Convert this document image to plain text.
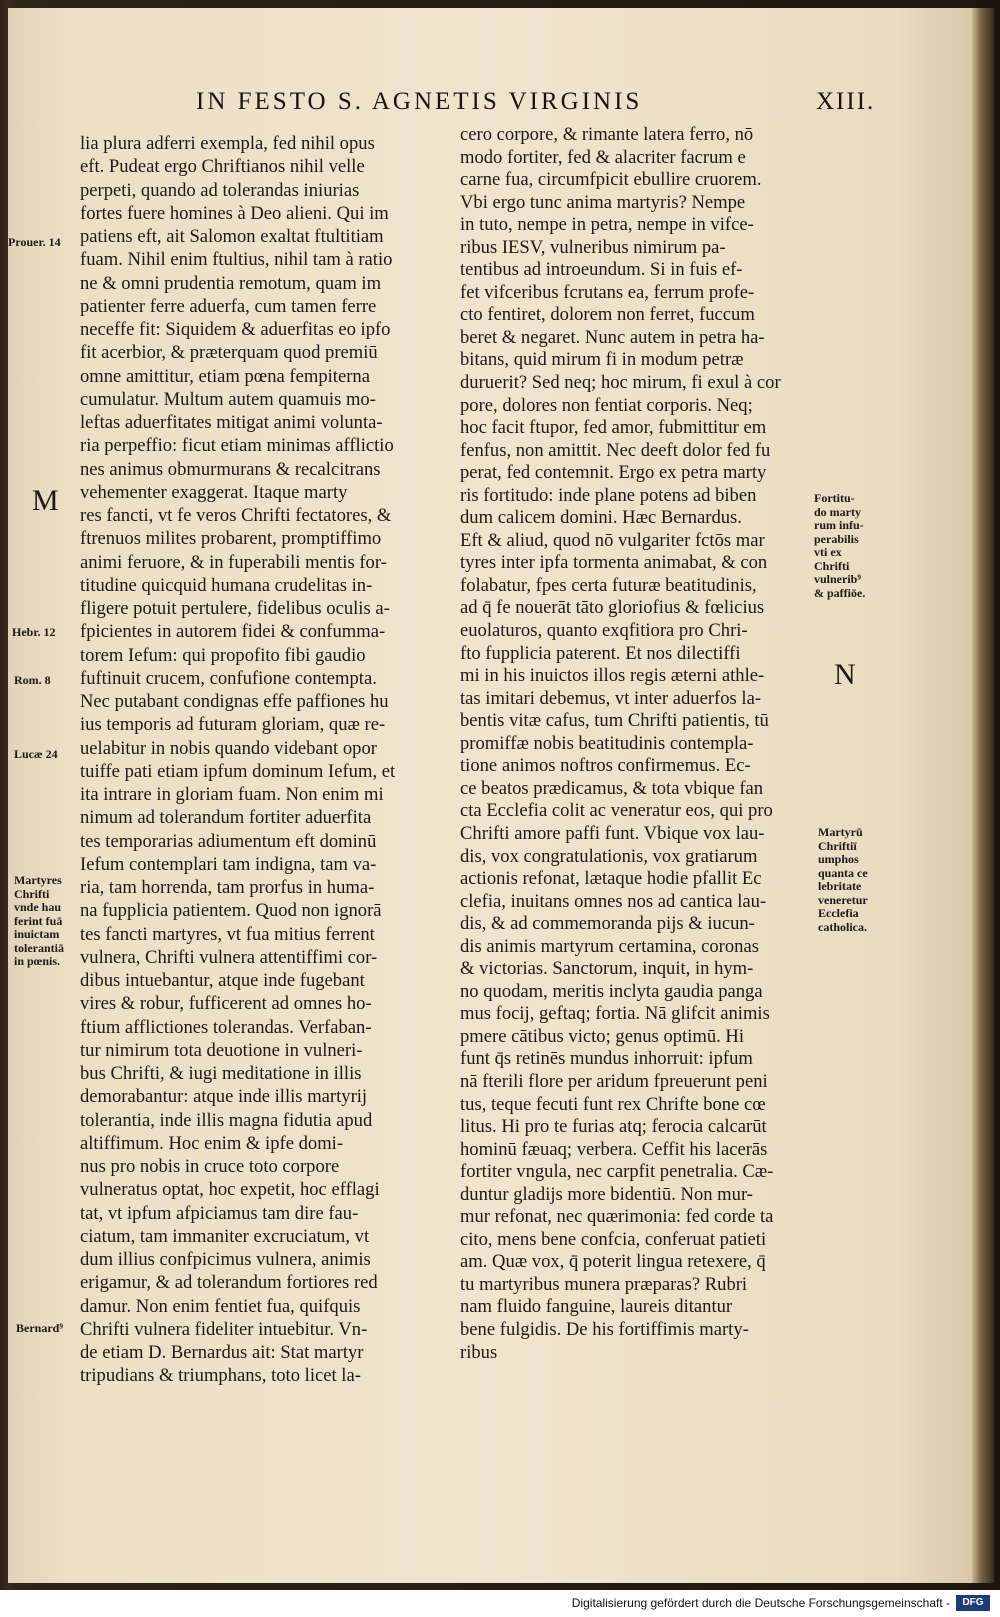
IN FESTO S. AGNETIS VIRGINIS	XIII.

lia plura adferri exempla, fed nihil opus

eft. Pudeat ergo Chriftianos nihil velle

perpeti, quando ad tolerandas iniurias

fortes fuere homines à Deo alieni. Qui im

patiens eft, ait Salomon exaltat ftultitiam

fuam. Nihil enim ftultius, nihil tam à ratio

ne & omni prudentia remotum, quam im

patienter ferre aduerfa, cum tamen ferre

neceffe fit: Siquidem & aduerfitas eo ipfo

fit acerbior, & præterquam quod premiū

omne amittitur, etiam pœna fempiterna

cumulatur. Multum autem quamuis mo-

leftas aduerfitates mitigat animi volunta-

ria perpeffio: ficut etiam minimas afflictio

nes animus obmurmurans & recalcitrans

vehementer exaggerat. Itaque marty

res fancti, vt fe veros Chrifti fectatores, &

ftrenuos milites probarent, promptiffimo

animi feruore, & in fuperabili mentis for-

titudine quicquid humana crudelitas in-

fligere potuit pertulere, fidelibus oculis a-

fpicientes in autorem fidei & confumma-

torem Iefum: qui propofito fibi gaudio

fuftinuit crucem, confufione contempta.

Nec putabant condignas effe paffiones hu

ius temporis ad futuram gloriam, quæ re-

uelabitur in nobis quando videbant opor

tuiffe pati etiam ipfum dominum Iefum, et

ita intrare in gloriam fuam. Non enim mi

nimum ad tolerandum fortiter aduerfita

tes temporarias adiumentum eft dominū

Iefum contemplari tam indigna, tam va-

ria, tam horrenda, tam prorfus in huma-

na fupplicia patientem. Quod non ignorā

tes fancti martyres, vt fua mitius ferrent

vulnera, Chrifti vulnera attentiffimi cor-

dibus intuebantur, atque inde fugebant

vires & robur, fufficerent ad omnes ho-

ftium afflictiones tolerandas. Verfaban-

tur nimirum tota deuotione in vulneri-

bus Chrifti, & iugi meditatione in illis

demorabantur: atque inde illis martyrij

tolerantia, inde illis magna fidutia apud

altiffimum. Hoc enim & ipfe domi-

nus pro nobis in cruce toto corpore

vulneratus optat, hoc expetit, hoc efflagi

tat, vt ipfum afpiciamus tam dire fau-

ciatum, tam immaniter excruciatum, vt

dum illius confpicimus vulnera, animis

erigamur, & ad tolerandum fortiores red

damur. Non enim fentiet fua, quifquis

Chrifti vulnera fideliter intuebitur. Vn-

de etiam D. Bernardus ait: Stat martyr

tripudians & triumphans, toto licet la-

cero corpore, & rimante latera ferro, nō

modo fortiter, fed & alacriter facrum e

carne fua, circumfpicit ebullire cruorem.

Vbi ergo tunc anima martyris? Nempe

in tuto, nempe in petra, nempe in vifce-

ribus IESV, vulneribus nimirum pa-

tentibus ad introeundum. Si in fuis ef-

fet vifceribus fcrutans ea, ferrum profe-

cto fentiret, dolorem non ferret, fuccum

beret & negaret. Nunc autem in petra ha-

bitans, quid mirum fi in modum petræ

duruerit? Sed neq; hoc mirum, fi exul à cor

pore, dolores non fentiat corporis. Neq;

hoc facit ftupor, fed amor, fubmittitur em

fenfus, non amittit. Nec deeft dolor fed fu

perat, fed contemnit. Ergo ex petra marty

ris fortitudo: inde plane potens ad biben

dum calicem domini. Hæc Bernardus.

Eft & aliud, quod nō vulgariter fctōs mar

tyres inter ipfa tormenta animabat, & con

folabatur, fpes certa futuræ beatitudinis,

ad q̄ fe nouerāt tāto gloriofius & fœlicius

euolaturos, quanto exqfitiora pro Chri-

fto fupplicia paterent. Et nos dilectiffi

mi in his inuictos illos regis æterni athle-

tas imitari debemus, vt inter aduerfos la-

bentis vitæ cafus, tum Chrifti patientis, tū

promiffæ nobis beatitudinis contempla-

tione animos noftros confirmemus. Ec-

ce beatos prædicamus, & tota vbique fan

cta Ecclefia colit ac veneratur eos, qui pro

Chrifti amore paffi funt. Vbique vox lau-

dis, vox congratulationis, vox gratiarum

actionis refonat, lætaque hodie pfallit Ec

clefia, inuitans omnes nos ad cantica lau-

dis, & ad commemoranda pijs & iucun-

dis animis martyrum certamina, coronas

& victorias. Sanctorum, inquit, in hym-

no quodam, meritis inclyta gaudia panga

mus focij, geftaq; fortia. Nā glifcit animis

pmere cātibus victo; genus optimū. Hi

funt q̄s retinēs mundus inhorruit: ipfum

nā fterili flore per aridum fpreuerunt peni

tus, teque fecuti funt rex Chrifte bone cœ

litus. Hi pro te furias atq; ferocia calcarūt

hominū fæuaq; verbera. Ceffit his lacerās

fortiter vngula, nec carpfit penetralia. Cæ-

duntur gladijs more bidentiū. Non mur-

mur refonat, nec quærimonia: fed corde ta

cito, mens bene confcia, conferuat patieti

am. Quæ vox, q̄ poterit lingua retexere, q̄

tu martyribus munera præparas? Rubri

nam fluido fanguine, laureis ditantur

bene fulgidis. De his fortiffimis marty-

ribus

M
N
Prouer. 14
Hebr. 12
Rom. 8
Lucæ 24
Martyres
Chrifti
vnde hau
ferint fuā
inuictam
tolerantiā
in pœnis.
Bernard⁹
Fortitu-
do marty
rum infu-
perabilis
vti ex
Chrifti
vulnerib⁹
& paffiōe.
Martyrū
Chriftiī
umphos
quanta ce
lebritate
veneretur
Ecclefia
catholica.
Digitalisierung gefördert durch die Deutsche Forschungsgemeinschaft -	DFG
